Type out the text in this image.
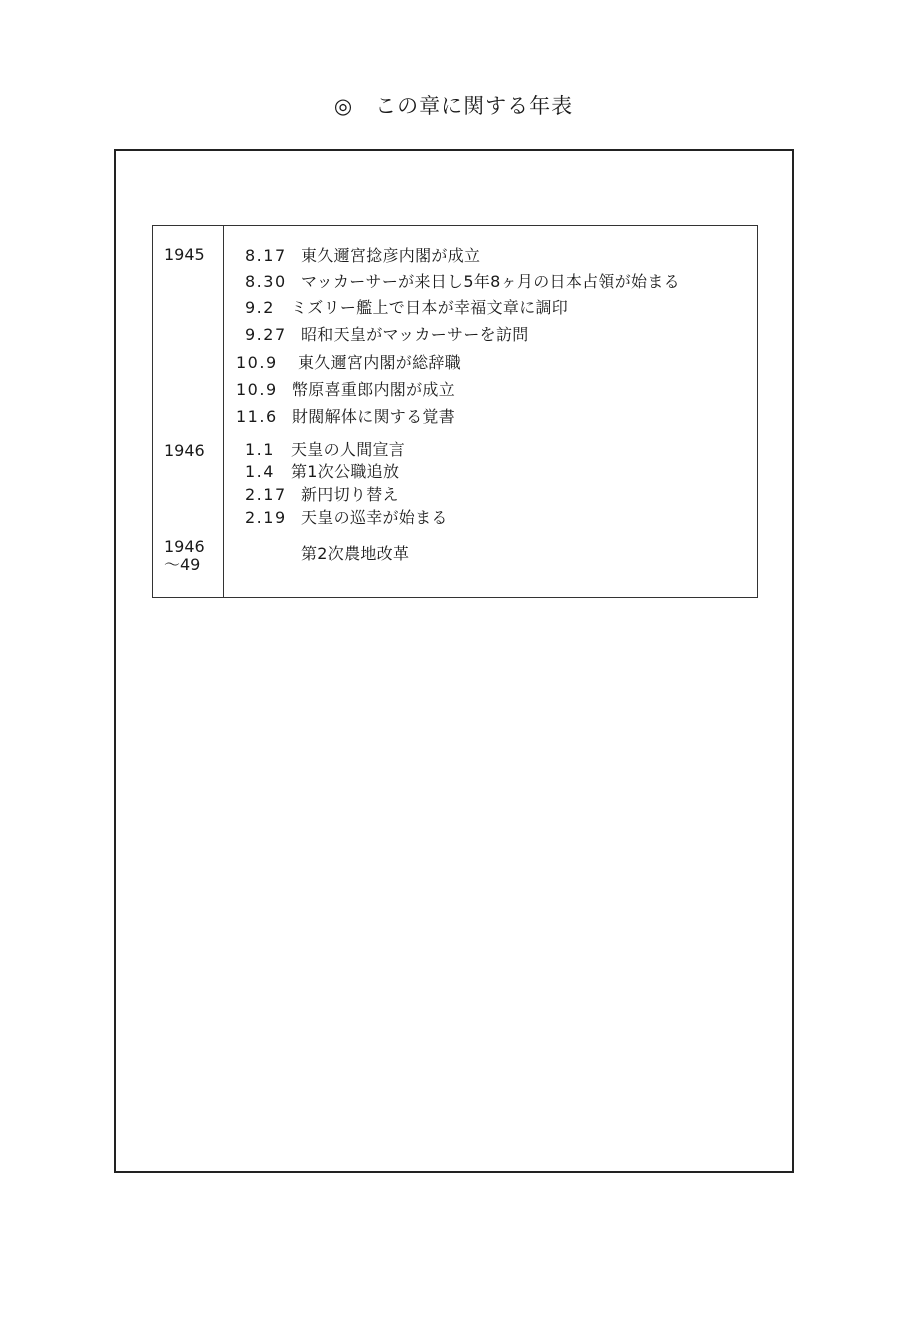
◎　この章に関する年表
1945	8.17 東久邇宮捻彦内閣が成立
8.30 マッカーサーが来日し5年8ヶ月の日本占領が始まる
9.2 ミズリー艦上で日本が幸福文章に調印
9.27 昭和天皇がマッカーサーを訪問
10.9 東久邇宮内閣が総辞職
10.9 幣原喜重郎内閣が成立
11.6 財閥解体に関する覚書
1946	1.1 天皇の人間宣言
1.4 第1次公職追放
2.17 新円切り替え
2.19 天皇の巡幸が始まる
1946
～49
第2次農地改革
